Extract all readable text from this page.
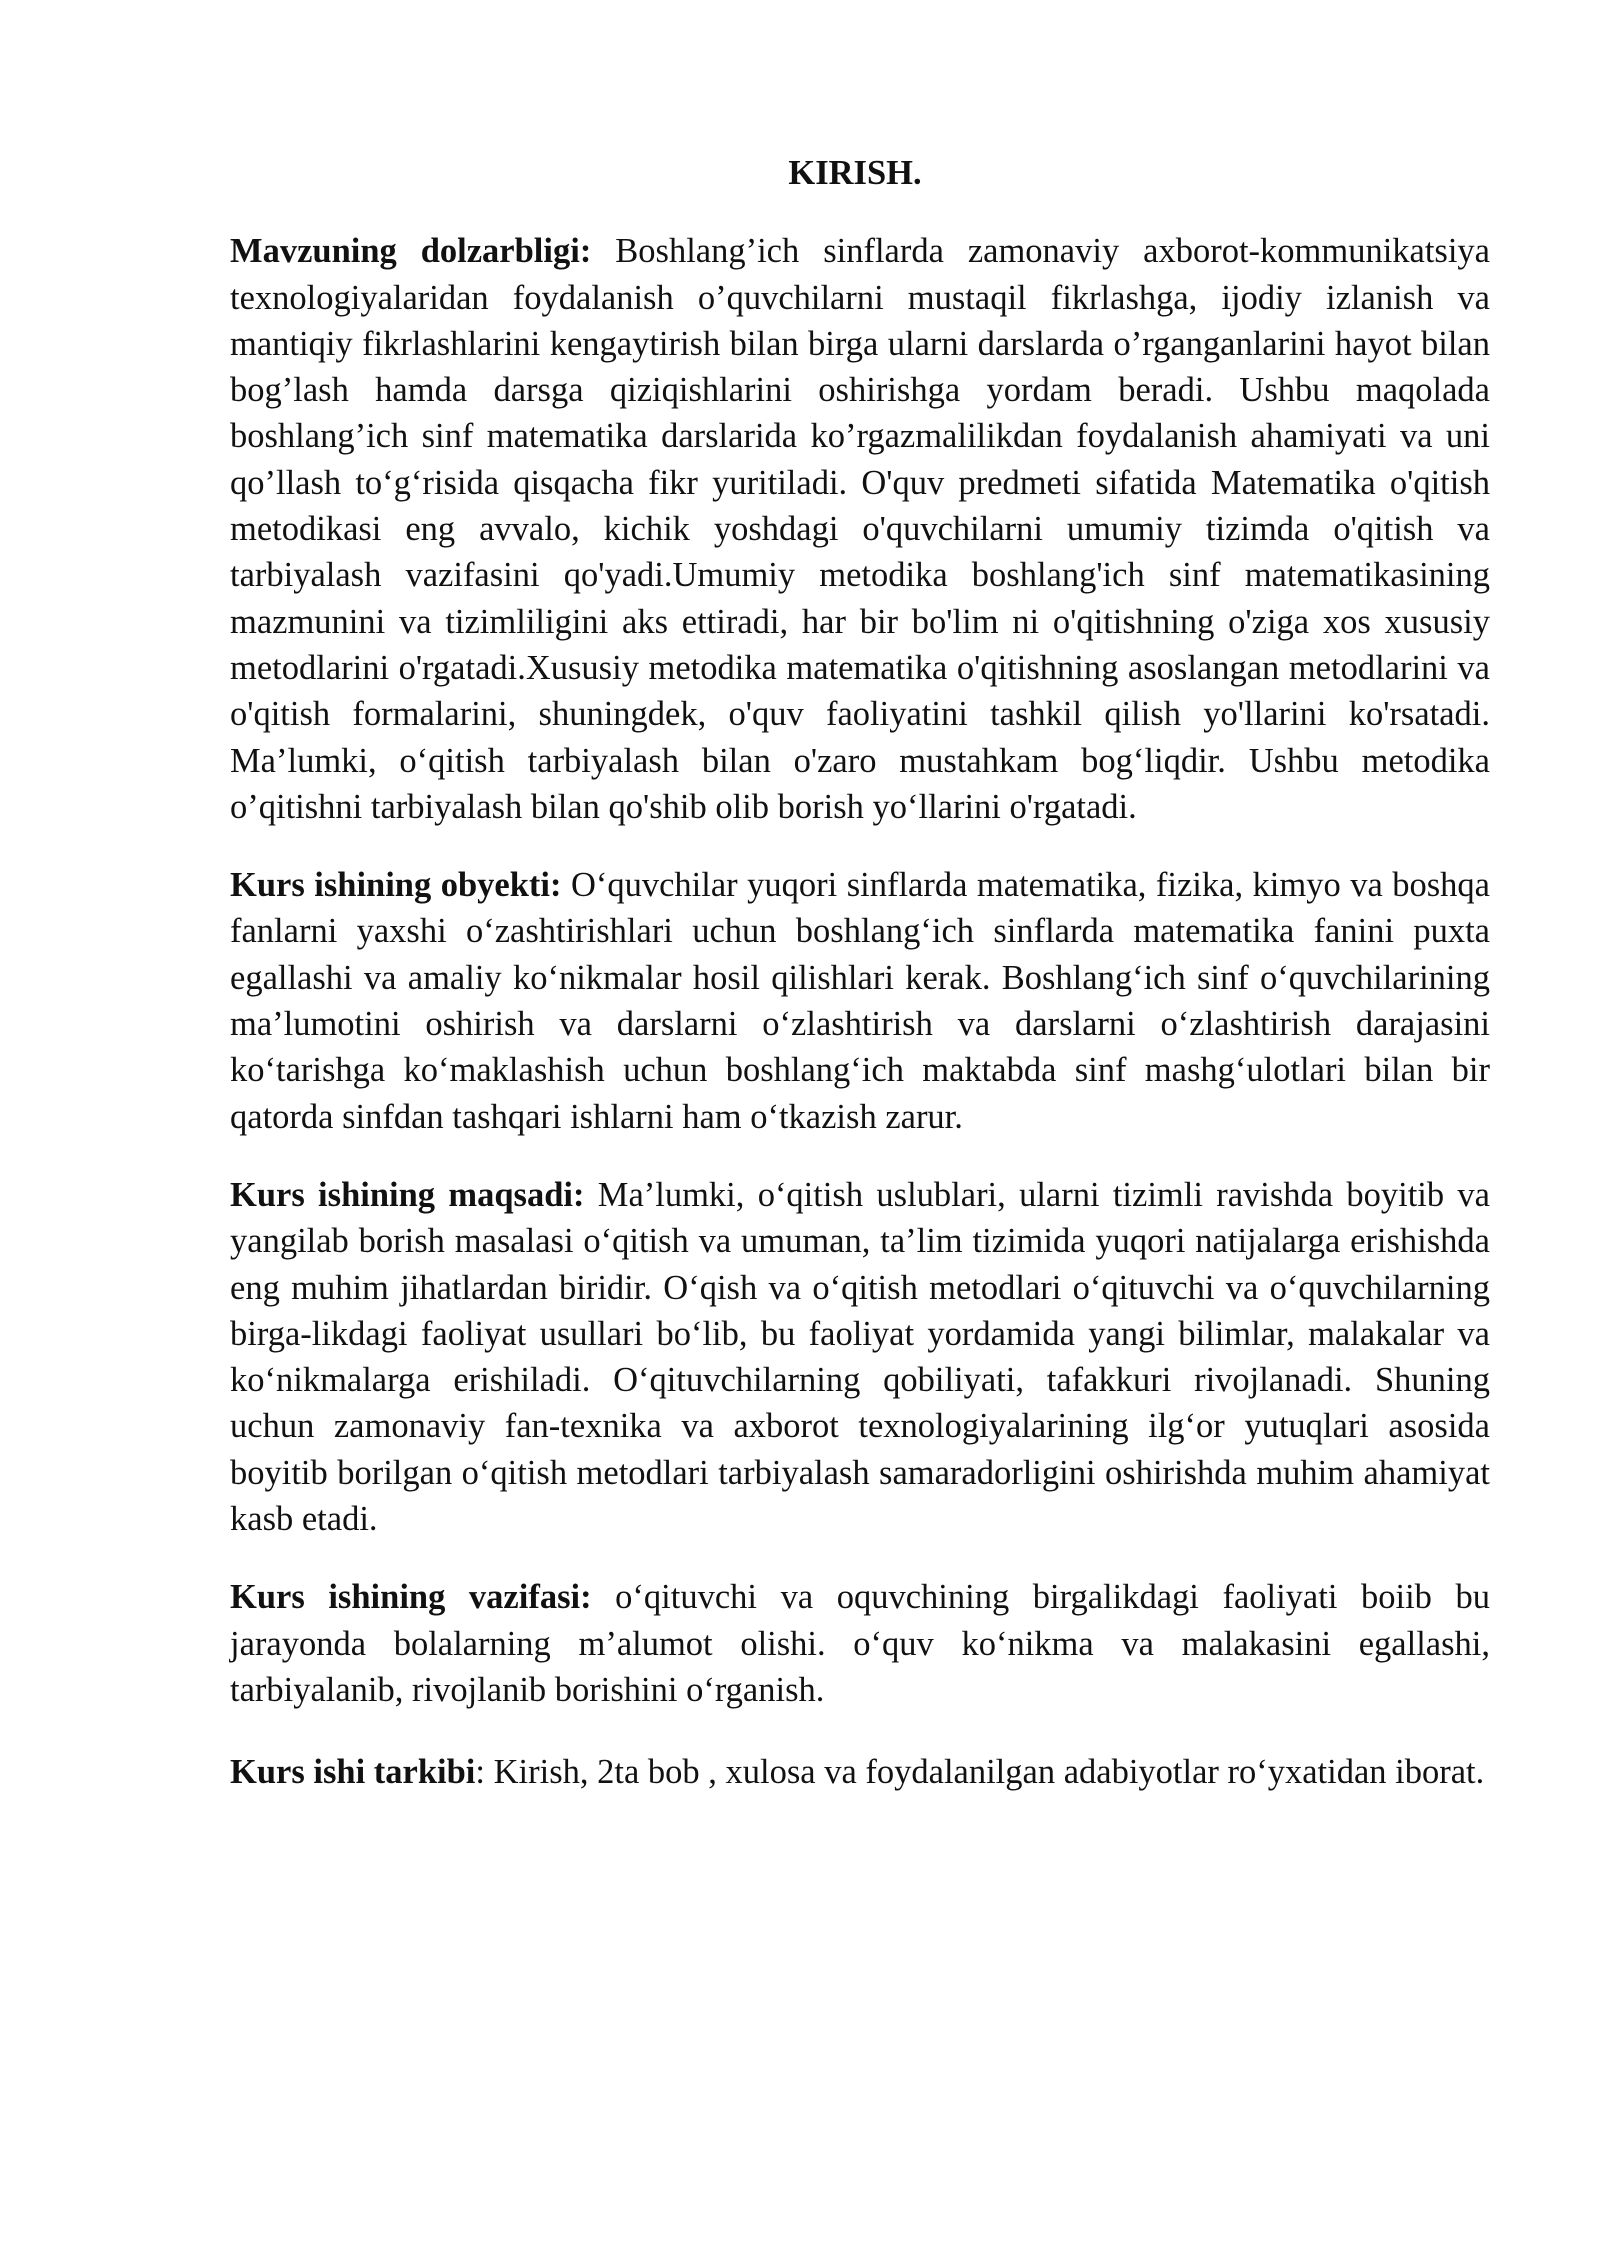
KIRISH.

Mavzuning dolzarbligi: Boshlang’ich sinflarda zamonaviy axborot-kommunikatsiya texnologiyalaridan foydalanish o’quvchilarni mustaqil fikrlashga, ijodiy izlanish va mantiqiy fikrlashlarini kengaytirish bilan birga ularni darslarda o’rganganlarini hayot bilan bog’lash hamda darsga qiziqishlarini oshirishga yordam beradi. Ushbu maqolada boshlang’ich sinf matematika darslarida ko’rgazmalilikdan foydalanish ahamiyati va uni qo’llash to‘g‘risida qisqacha fikr yuritiladi. O'quv predmeti sifatida Matematika o'qitish metodikasi eng avvalo, kichik yoshdagi o'quvchilarni umumiy tizimda o'qitish va tarbiyalash vazifasini qo'yadi.Umumiy metodika boshlang'ich sinf matematikasining mazmunini va tizimliligini aks ettiradi, har bir bo'lim ni o'qitishning o'ziga xos xususiy metodlarini o'rgatadi.Xususiy metodika matematika o'qitishning asoslangan metodlarini va o'qitish formalarini, shuningdek, o'quv faoliyatini tashkil qilish yo'llarini ko'rsatadi. Ma’lumki, o‘qitish tarbiyalash bilan o'zaro mustahkam bog‘liqdir. Ushbu metodika o’qitishni tarbiyalash bilan qo'shib olib borish yo‘llarini o'rgatadi.

Kurs ishining obyekti: O‘quvchilar yuqori sinflarda matematika, fizika, kimyo va boshqa fanlarni yaxshi o‘zashtirishlari uchun boshlang‘ich sinflarda matematika fanini puxta egallashi va amaliy ko‘nikmalar hosil qilishlari kerak. Boshlang‘ich sinf o‘quvchilarining ma’lumotini oshirish va darslarni o‘zlashtirish va darslarni o‘zlashtirish darajasini ko‘tarishga ko‘maklashish uchun boshlang‘ich maktabda sinf mashg‘ulotlari bilan bir qatorda sinfdan tashqari ishlarni ham o‘tkazish zarur.

Kurs ishining maqsadi: Ma’lumki, o‘qitish uslublari, ularni tizimli ravishda boyitib va yangilab borish masalasi o‘qitish va umuman, ta’lim tizimida yuqori natijalarga erishishda eng muhim jihatlardan biridir. O‘qish va o‘qitish metodlari o‘qituvchi va o‘quvchilarning birga-likdagi faoliyat usullari bo‘lib, bu faoliyat yordamida yangi bilimlar, malakalar va ko‘nikmalarga erishiladi. O‘qituvchilarning qobiliyati, tafakkuri rivojlanadi. Shuning uchun zamonaviy fan-texnika va axborot texnologiyalarining ilg‘or yutuqlari asosida boyitib borilgan o‘qitish metodlari tarbiyalash samaradorligini oshirishda muhim ahamiyat kasb etadi.

Kurs ishining vazifasi: o‘qituvchi va oquvchining birgalikdagi faoliyati boiib bu jarayonda bolalarning m’alumot olishi. o‘quv ko‘nikma va malakasini egallashi, tarbiyalanib, rivojlanib borishini o‘rganish.

Kurs ishi tarkibi: Kirish, 2ta bob , xulosa va foydalanilgan adabiyotlar ro‘yxatidan iborat.
